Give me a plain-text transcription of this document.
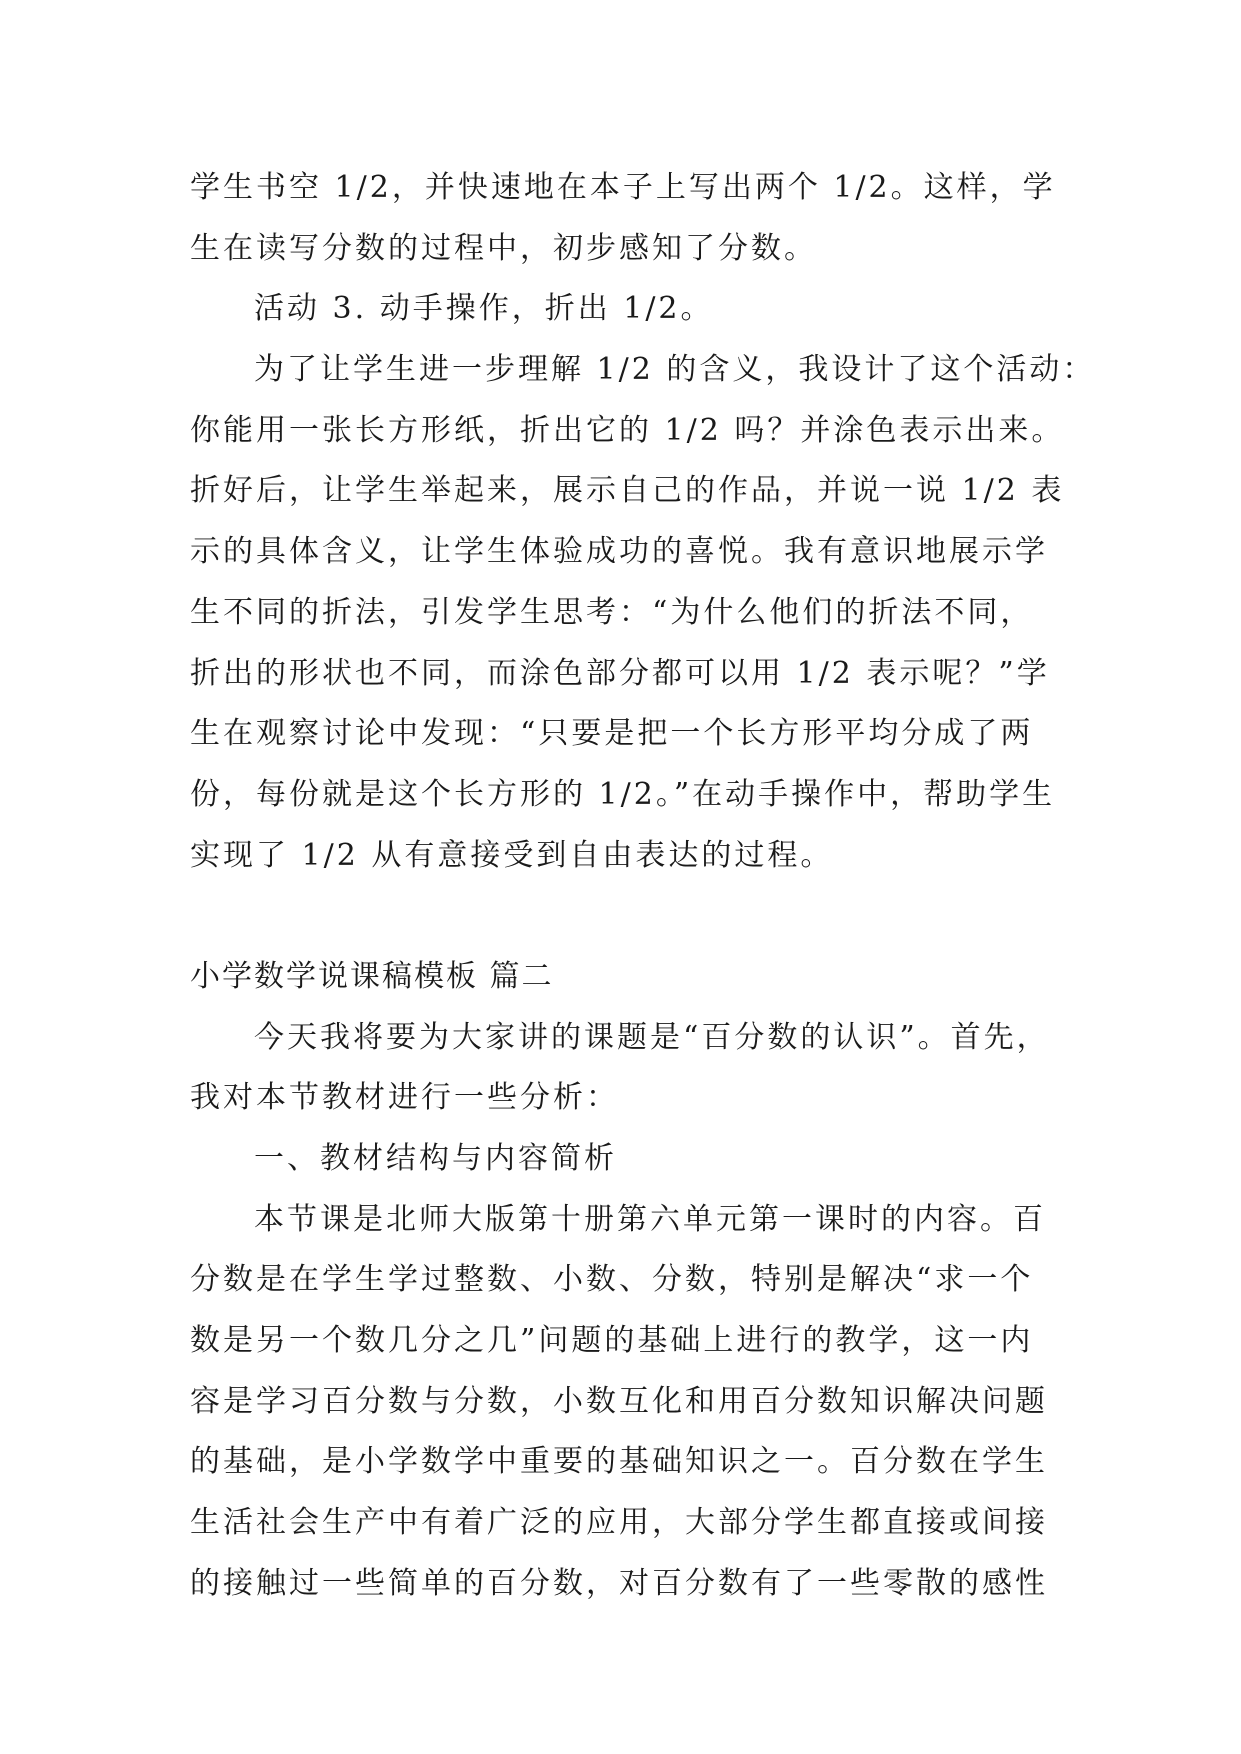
学生书空 1/2，并快速地在本子上写出两个 1/2。这样，学
生在读写分数的过程中，初步感知了分数。
活动 3. 动手操作，折出 1/2。
为了让学生进一步理解 1/2 的含义，我设计了这个活动：
你能用一张长方形纸，折出它的 1/2 吗？并涂色表示出来。
折好后，让学生举起来，展示自己的作品，并说一说 1/2 表
示的具体含义，让学生体验成功的喜悦。我有意识地展示学
生不同的折法，引发学生思考：“为什么他们的折法不同，
折出的形状也不同，而涂色部分都可以用 1/2 表示呢？”学
生在观察讨论中发现：“只要是把一个长方形平均分成了两
份，每份就是这个长方形的 1/2。”在动手操作中，帮助学生
实现了 1/2 从有意接受到自由表达的过程。
小学数学说课稿模板 篇二
今天我将要为大家讲的课题是“百分数的认识”。首先，
我对本节教材进行一些分析：
一、教材结构与内容简析
本节课是北师大版第十册第六单元第一课时的内容。百
分数是在学生学过整数、小数、分数，特别是解决“求一个
数是另一个数几分之几”问题的基础上进行的教学，这一内
容是学习百分数与分数，小数互化和用百分数知识解决问题
的基础，是小学数学中重要的基础知识之一。百分数在学生
生活社会生产中有着广泛的应用，大部分学生都直接或间接
的接触过一些简单的百分数，对百分数有了一些零散的感性
